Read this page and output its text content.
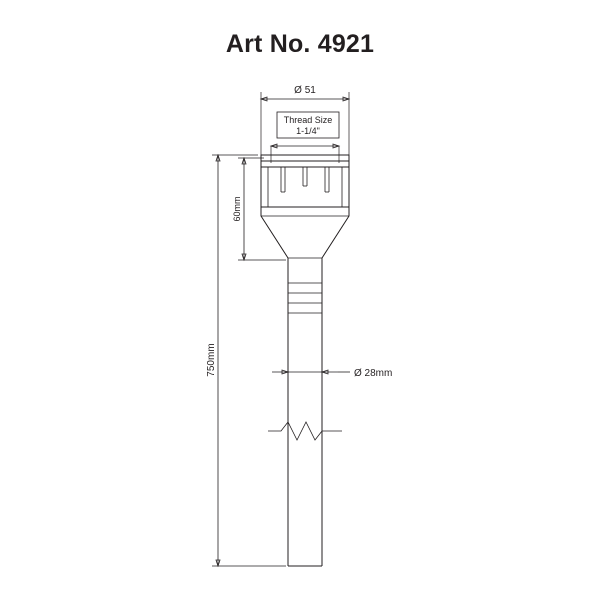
Art No. 4921
Ø 51
Thread Size
1-1/4"
60mm
750mm	Ø 28mm
